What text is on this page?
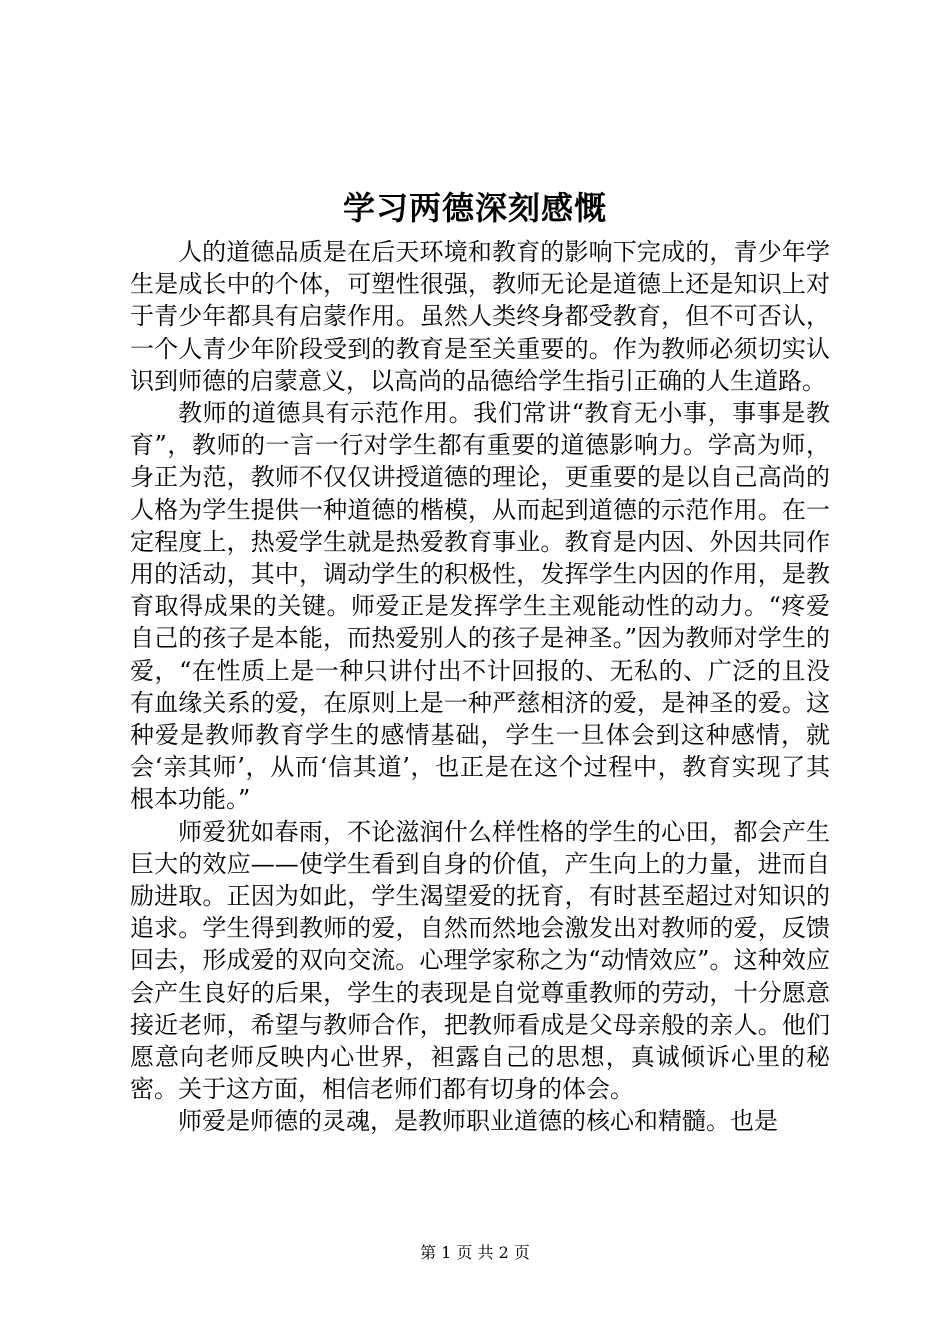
学习两德深刻感慨

人的道德品质是在后天环境和教育的影响下完成的，青少年学生是成长中的个体，可塑性很强，教师无论是道德上还是知识上对于青少年都具有启蒙作用。虽然人类终身都受教育，但不可否认，一个人青少年阶段受到的教育是至关重要的。作为教师必须切实认识到师德的启蒙意义，以高尚的品德给学生指引正确的人生道路。

教师的道德具有示范作用。我们常讲“教育无小事，事事是教育”，教师的一言一行对学生都有重要的道德影响力。学高为师，身正为范，教师不仅仅讲授道德的理论，更重要的是以自己高尚的人格为学生提供一种道德的楷模，从而起到道德的示范作用。在一定程度上，热爱学生就是热爱教育事业。教育是内因、外因共同作用的活动，其中，调动学生的积极性，发挥学生内因的作用，是教育取得成果的关键。师爱正是发挥学生主观能动性的动力。“疼爱自己的孩子是本能，而热爱别人的孩子是神圣。”因为教师对学生的爱，“在性质上是一种只讲付出不计回报的、无私的、广泛的且没有血缘关系的爱，在原则上是一种严慈相济的爱，是神圣的爱。这种爱是教师教育学生的感情基础，学生一旦体会到这种感情，就会‘亲其师’，从而‘信其道’，也正是在这个过程中，教育实现了其根本功能。”

师爱犹如春雨，不论滋润什么样性格的学生的心田，都会产生巨大的效应——使学生看到自身的价值，产生向上的力量，进而自励进取。正因为如此，学生渴望爱的抚育，有时甚至超过对知识的追求。学生得到教师的爱，自然而然地会激发出对教师的爱，反馈回去，形成爱的双向交流。心理学家称之为“动情效应”。这种效应会产生良好的后果，学生的表现是自觉尊重教师的劳动，十分愿意接近老师，希望与教师合作，把教师看成是父母亲般的亲人。他们愿意向老师反映内心世界，袒露自己的思想，真诚倾诉心里的秘密。关于这方面，相信老师们都有切身的体会。

师爱是师德的灵魂，是教师职业道德的核心和精髓。也是

第 1 页 共 2 页
